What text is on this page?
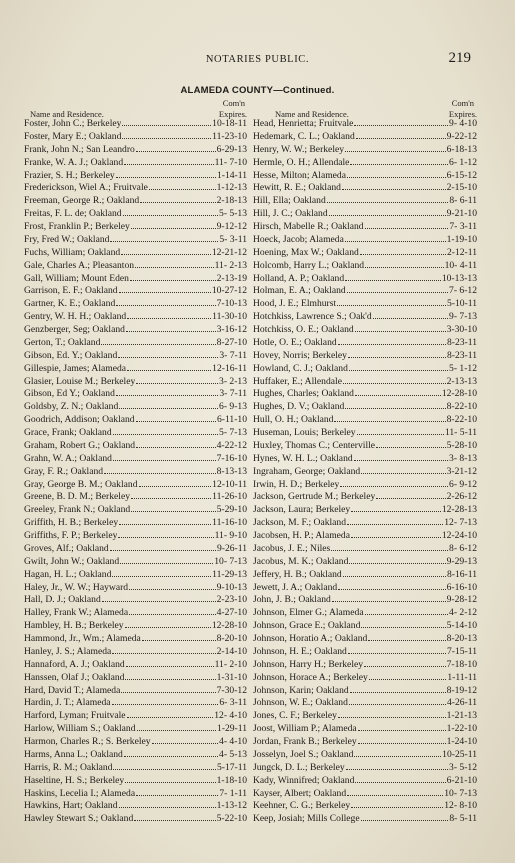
NOTARIES PUBLIC.	219
ALAMEDA COUNTY—Continued.
Com'n
Name and Residence.	Expires.
Foster, John C.; Berkeley	10-18-11
Foster, Mary E.; Oakland	11-23-10
Frank, John N.; San Leandro	6-29-13
Franke, W. A. J.; Oakland	11- 7-10
Frazier, S. H.; Berkeley	1-14-11
Frederickson, Wiel A.; Fruitvale	1-12-13
Freeman, George R.; Oakland	2-18-13
Freitas, F. L. de; Oakland	5- 5-13
Frost, Franklin P.; Berkeley	9-12-12
Fry, Fred W.; Oakland	5- 3-11
Fuchs, William; Oakland	12-21-12
Gale, Charles A.; Pleasanton	11- 2-13
Gall, William; Mount Eden	2-13-19
Garrison, E. F.; Oakland	10-27-12
Gartner, K. E.; Oakland	7-10-13
Gentry, W. H. H.; Oakland	11-30-10
Genzberger, Seg; Oakland	3-16-12
Gerton, T.; Oakland	8-27-10
Gibson, Ed. Y.; Oakland	3- 7-11
Gillespie, James; Alameda	12-16-11
Glasier, Louise M.; Berkeley	3- 2-13
Gibson, Ed Y.; Oakland	3- 7-11
Goldsby, Z. N.; Oakland	6- 9-13
Goodrich, Addison; Oakland	6-11-10
Grace, Frank; Oakland	5- 7-13
Graham, Robert G.; Oakland	4-22-12
Grahn, W. A.; Oakland	7-16-10
Gray, F. R.; Oakland	8-13-13
Gray, George B. M.; Oakland	12-10-11
Greene, B. D. M.; Berkeley	11-26-10
Greeley, Frank N.; Oakland	5-29-10
Griffith, H. B.; Berkeley	11-16-10
Griffiths, F. P.; Berkeley	11- 9-10
Groves, Alf.; Oakland	9-26-11
Gwilt, John W.; Oakland	10- 7-13
Hagan, H. L.; Oakland	11-29-13
Haley, Jr., W. W.; Hayward	9-10-13
Hall, D. J.; Oakland	2-23-10
Halley, Frank W.; Alameda	4-27-10
Hambley, H. B.; Berkeley	12-28-10
Hammond, Jr., Wm.; Alameda	8-20-10
Hanley, J. S.; Alameda	2-14-10
Hannaford, A. J.; Oakland	11- 2-10
Hanssen, Olaf J.; Oakland	1-31-10
Hard, David T.; Alameda	7-30-12
Hardin, J. T.; Alameda	6- 3-11
Harford, Lyman; Fruitvale	12- 4-10
Harlow, William S.; Oakland	1-29-11
Harmon, Charles R.; S. Berkeley	4- 4-10
Harms, Anna L.; Oakland	4- 5-13
Harris, R. M.; Oakland	5-17-11
Haseltine, H. S.; Berkeley	1-18-10
Haskins, Lecelia I.; Alameda	7- 1-11
Hawkins, Hart; Oakland	1-13-12
Hawley Stewart S.; Oakland	5-22-10
Com'n
Name and Residence.	Expires.
Head, Henrietta; Fruitvale	9- 4-10
Hedemark, C. L.; Oakland	9-22-12
Henry, W. W.; Berkeley	6-18-13
Hermle, O. H.; Allendale	6- 1-12
Hesse, Milton; Alameda	6-15-12
Hewitt, R. E.; Oakland	2-15-10
Hill, Ella; Oakland	8- 6-11
Hill, J. C.; Oakland	9-21-10
Hirsch, Mabelle R.; Oakland	7- 3-11
Hoeck, Jacob; Alameda	1-19-10
Hoening, Max W.; Oakland	2-12-11
Holcomb, Harry L.; Oakland	10- 4-11
Holland, A. P.; Oakland	10-13-13
Holman, E. A.; Oakland	7- 6-12
Hood, J. E.; Elmhurst	5-10-11
Hotchkiss, Lawrence S.; Oak'd	9- 7-13
Hotchkiss, O. E.; Oakland	3-30-10
Hotle, O. E.; Oakland	8-23-11
Hovey, Norris; Berkeley	8-23-11
Howland, C. J.; Oakland	5- 1-12
Huffaker, E.; Allendale	2-13-13
Hughes, Charles; Oakland	12-28-10
Hughes, D. V.; Oakland	8-22-10
Hull, O. H.; Oakland	8-22-10
Huseman, Louis; Berkeley	11- 5-11
Huxley, Thomas C.; Centerville	5-28-10
Hynes, W. H. L.; Oakland	3- 8-13
Ingraham, George; Oakland	3-21-12
Irwin, H. D.; Berkeley	6- 9-12
Jackson, Gertrude M.; Berkeley	2-26-12
Jackson, Laura; Berkeley	12-28-13
Jackson, M. F.; Oakland	12- 7-13
Jacobsen, H. P.; Alameda	12-24-10
Jacobus, J. E.; Niles	8- 6-12
Jacobus, M. K.; Oakland	9-29-13
Jeffery, H. B.; Oakland	8-16-11
Jewett, J. A.; Oakland	6-16-10
John, J. B.; Oakland	9-28-12
Johnson, Elmer G.; Alameda	4- 2-12
Johnson, Grace E.; Oakland	5-14-10
Johnson, Horatio A.; Oakland	8-20-13
Johnson, H. E.; Oakland	7-15-11
Johnson, Harry H.; Berkeley	7-18-10
Johnson, Horace A.; Berkeley	1-11-11
Johnson, Karin; Oakland	8-19-12
Johnson, W. E.; Oakland	4-26-11
Jones, C. F.; Berkeley	1-21-13
Joost, William P.; Alameda	1-22-10
Jordan, Frank B.; Berkeley	1-24-10
Josselyn, Joel S.; Oakland	10-25-11
Jungck, D. L.; Berkeley	3- 5-12
Kady, Winnifred; Oakland	6-21-10
Kayser, Albert; Oakland	10- 7-13
Keehner, C. G.; Berkeley	12- 8-10
Keep, Josiah; Mills College	8- 5-11
